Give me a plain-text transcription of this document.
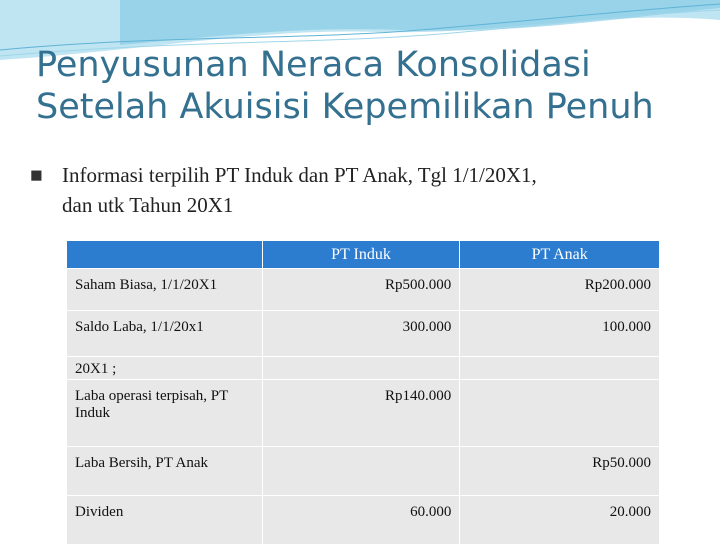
Penyusunan Neraca Konsolidasi
Setelah Akuisisi Kepemilikan Penuh
■ Informasi terpilih PT Induk dan PT Anak, Tgl 1/1/20X1,
dan utk Tahun 20X1
	PT Induk	PT Anak
Saham Biasa, 1/1/20X1	Rp500.000	Rp200.000
Saldo Laba, 1/1/20x1	300.000	100.000
20X1 ;		
Laba operasi terpisah, PT Induk	Rp140.000	
Laba Bersih, PT Anak		Rp50.000
Dividen	60.000	20.000
